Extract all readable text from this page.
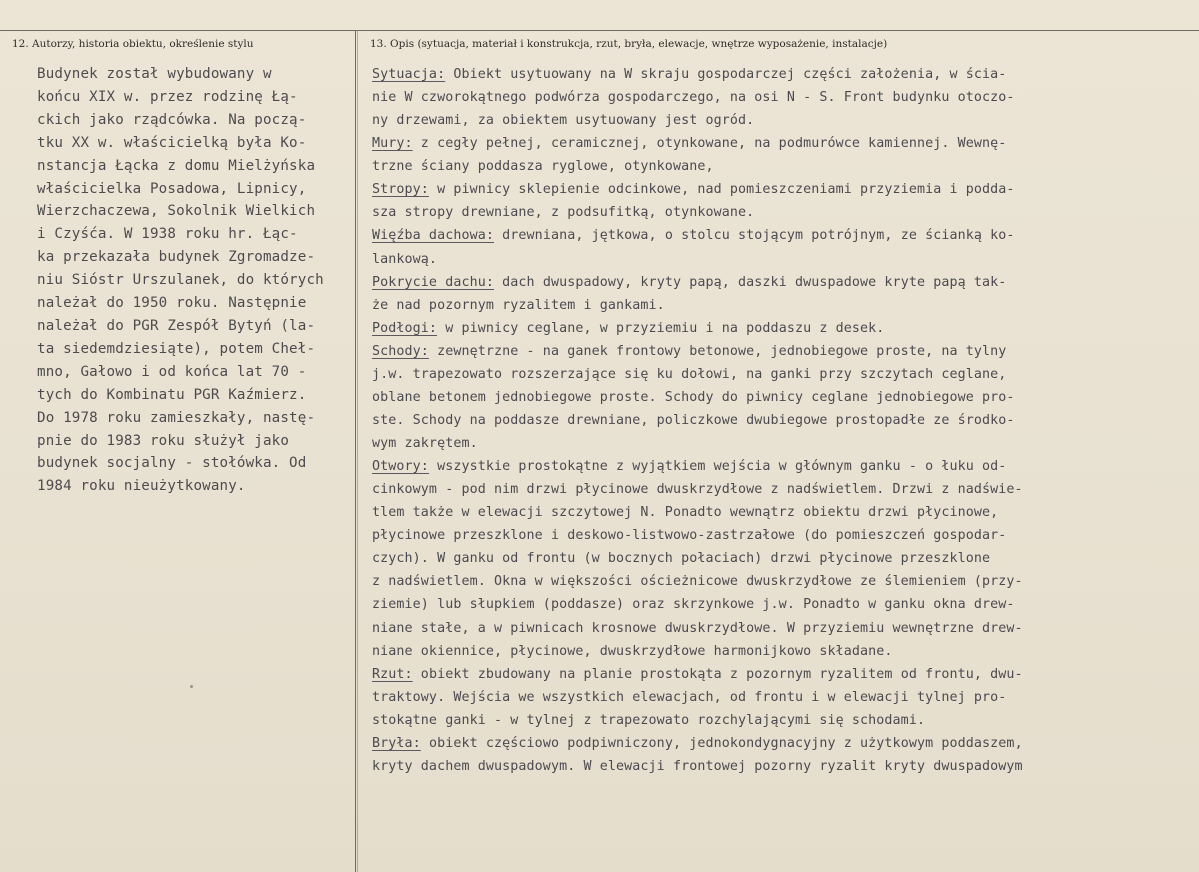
12. Autorzy, historia obiektu, określenie stylu	13. Opis (sytuacja, materiał i konstrukcja, rzut, bryła, elewacje, wnętrze wyposażenie, instalacje)
Budynek został wybudowany w
końcu XIX w. przez rodzinę Łą-
ckich jako rządcówka. Na począ-
tku XX w. właścicielką była Ko-
nstancja Łącka z domu Mielżyńska
właścicielka Posadowa, Lipnicy,
Wierzchaczewa, Sokolnik Wielkich
i Czyśća. W 1938 roku hr. Łąc-
ka przekazała budynek Zgromadze-
niu Sióstr Urszulanek, do których
należał do 1950 roku. Następnie
należał do PGR Zespół Bytyń (la-
ta siedemdziesiąte), potem Cheł-
mno, Gałowo i od końca lat 70 -
tych do Kombinatu PGR Kaźmierz.
Do 1978 roku zamieszkały, nastę-
pnie do 1983 roku służył jako
budynek socjalny - stołówka. Od
1984 roku nieużytkowany.
Sytuacja: Obiekt usytuowany na W skraju gospodarczej części założenia, w ścia-
nie W czworokątnego podwórza gospodarczego, na osi N - S. Front budynku otoczo-
ny drzewami, za obiektem usytuowany jest ogród.
Mury: z cegły pełnej, ceramicznej, otynkowane, na podmurówce kamiennej. Wewnę-
trzne ściany poddasza ryglowe, otynkowane,
Stropy: w piwnicy sklepienie odcinkowe, nad pomieszczeniami przyziemia i podda-
sza stropy drewniane, z podsufitką, otynkowane.
Więźba dachowa: drewniana, jętkowa, o stolcu stojącym potrójnym, ze ścianką ko-
lankową.
Pokrycie dachu: dach dwuspadowy, kryty papą, daszki dwuspadowe kryte papą tak-
że nad pozornym ryzalitem i gankami.
Podłogi: w piwnicy ceglane, w przyziemiu i na poddaszu z desek.
Schody: zewnętrzne - na ganek frontowy betonowe, jednobiegowe proste, na tylny
j.w. trapezowato rozszerzające się ku dołowi, na ganki przy szczytach ceglane,
oblane betonem jednobiegowe proste. Schody do piwnicy ceglane jednobiegowe pro-
ste. Schody na poddasze drewniane, policzkowe dwubiegowe prostopadłe ze środko-
wym zakrętem.
Otwory: wszystkie prostokątne z wyjątkiem wejścia w głównym ganku - o łuku od-
cinkowym - pod nim drzwi płycinowe dwuskrzydłowe z nadświetlem. Drzwi z nadświe-
tlem także w elewacji szczytowej N. Ponadto wewnątrz obiektu drzwi płycinowe,
płycinowe przeszklone i deskowo-listwowo-zastrzałowe (do pomieszczeń gospodar-
czych). W ganku od frontu (w bocznych połaciach) drzwi płycinowe przeszklone
z nadświetlem. Okna w większości ościeżnicowe dwuskrzydłowe ze ślemieniem (przy-
ziemie) lub słupkiem (poddasze) oraz skrzynkowe j.w. Ponadto w ganku okna drew-
niane stałe, a w piwnicach krosnowe dwuskrzydłowe. W przyziemiu wewnętrzne drew-
niane okiennice, płycinowe, dwuskrzydłowe harmonijkowo składane.
Rzut: obiekt zbudowany na planie prostokąta z pozornym ryzalitem od frontu, dwu-
traktowy. Wejścia we wszystkich elewacjach, od frontu i w elewacji tylnej pro-
stokątne ganki - w tylnej z trapezowato rozchylającymi się schodami.
Bryła: obiekt częściowo podpiwniczony, jednokondygnacyjny z użytkowym poddaszem,
kryty dachem dwuspadowym. W elewacji frontowej pozorny ryzalit kryty dwuspadowym
